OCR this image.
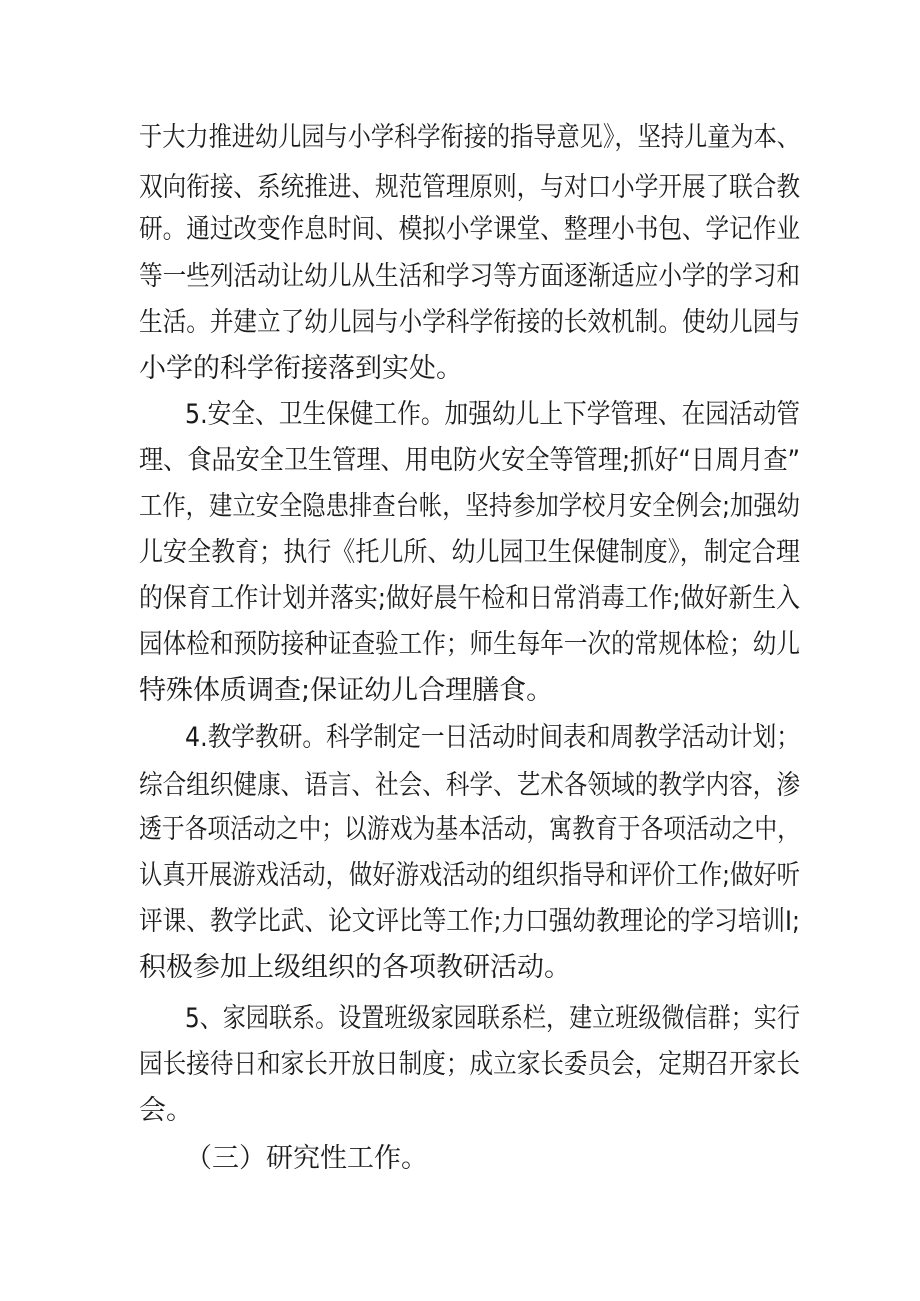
于大力推进幼儿园与小学科学衔接的指导意见》，坚持儿童为本、
双向衔接、系统推进、规范管理原则，与对口小学开展了联合教
研。通过改变作息时间、模拟小学课堂、整理小书包、学记作业
等一些列活动让幼儿从生活和学习等方面逐渐适应小学的学习和
生活。并建立了幼儿园与小学科学衔接的长效机制。使幼儿园与
小学的科学衔接落到实处。
5.安全、卫生保健工作。加强幼儿上下学管理、在园活动管
理、食品安全卫生管理、用电防火安全等管理;抓好“日周月查”
工作，建立安全隐患排查台帐，坚持参加学校月安全例会;加强幼
儿安全教育；执行《托儿所、幼儿园卫生保健制度》，制定合理
的保育工作计划并落实;做好晨午检和日常消毒工作;做好新生入
园体检和预防接种证查验工作；师生每年一次的常规体检；幼儿
特殊体质调查;保证幼儿合理膳食。
4.教学教研。科学制定一日活动时间表和周教学活动计划；
综合组织健康、语言、社会、科学、艺术各领域的教学内容，渗
透于各项活动之中；以游戏为基本活动，寓教育于各项活动之中，
认真开展游戏活动，做好游戏活动的组织指导和评价工作;做好听
评课、教学比武、论文评比等工作;力口强幼教理论的学习培训I;
积极参加上级组织的各项教研活动。
5、家园联系。设置班级家园联系栏，建立班级微信群；实行
园长接待日和家长开放日制度；成立家长委员会，定期召开家长
会。
（三）研究性工作。
